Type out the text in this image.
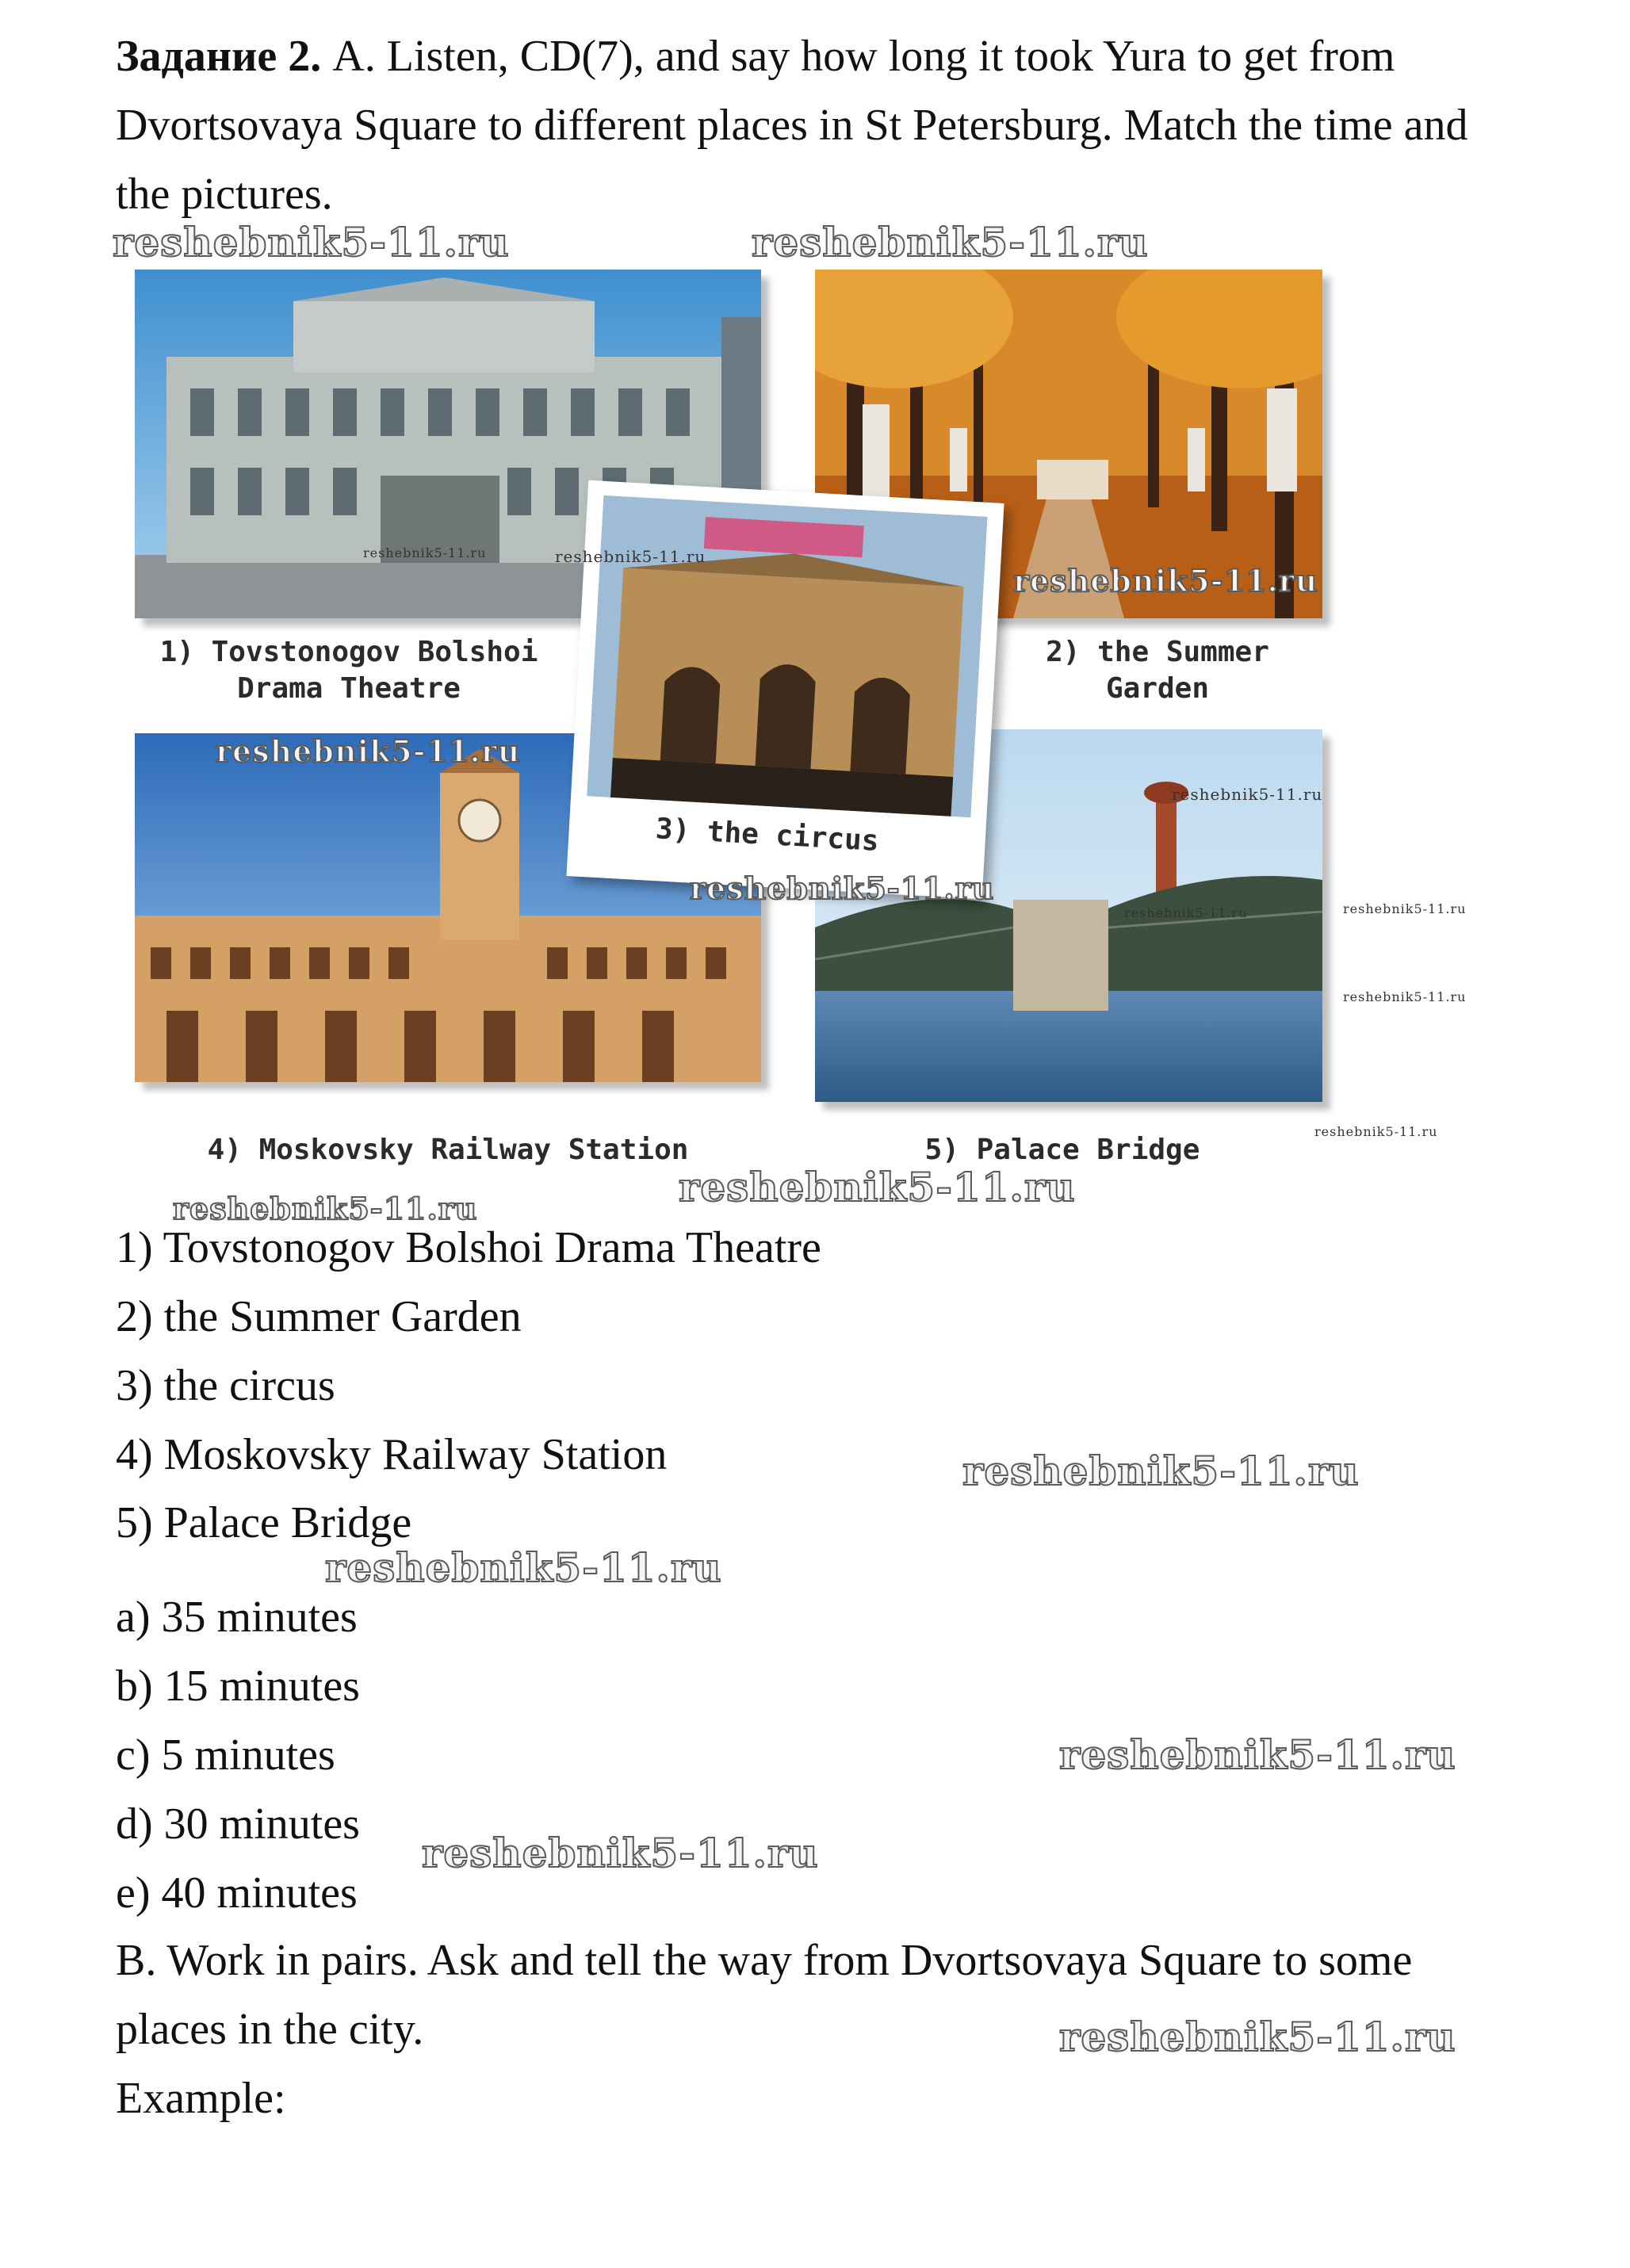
Задание 2. A. Listen, CD(7), and say how long it took Yura to get from Dvortsovaya Square to different places in St Petersburg. Match the time and the pictures.
1) Tovstonogov Bolshoi
Drama Theatre
2) the Summer
Garden
4) Moskovsky Railway Station	5) Palace Bridge
3) the circus
1) Tovstonogov Bolshoi Drama Theatre
2) the Summer Garden
3) the circus
4) Moskovsky Railway Station
5) Palace Bridge
a) 35 minutes
b) 15 minutes
c) 5 minutes
d) 30 minutes
e) 40 minutes
B. Work in pairs. Ask and tell the way from Dvortsovaya Square to some places in the city.
Example:
reshebnik5-11.ru	reshebnik5-11.ru
reshebnik5-11.ru
reshebnik5-11.ru
reshebnik5-11.ru
reshebnik5-11.ru	reshebnik5-11.ru
reshebnik5-11.ru
reshebnik5-11.ru
reshebnik5-11.ru
reshebnik5-11.ru
reshebnik5-11.ru
reshebnik5-11.ru	reshebnik5-11.ru
reshebnik5-11.ru
reshebnik5-11.ru	reshebnik5-11.ru
reshebnik5-11.ru
reshebnik5-11.ru
